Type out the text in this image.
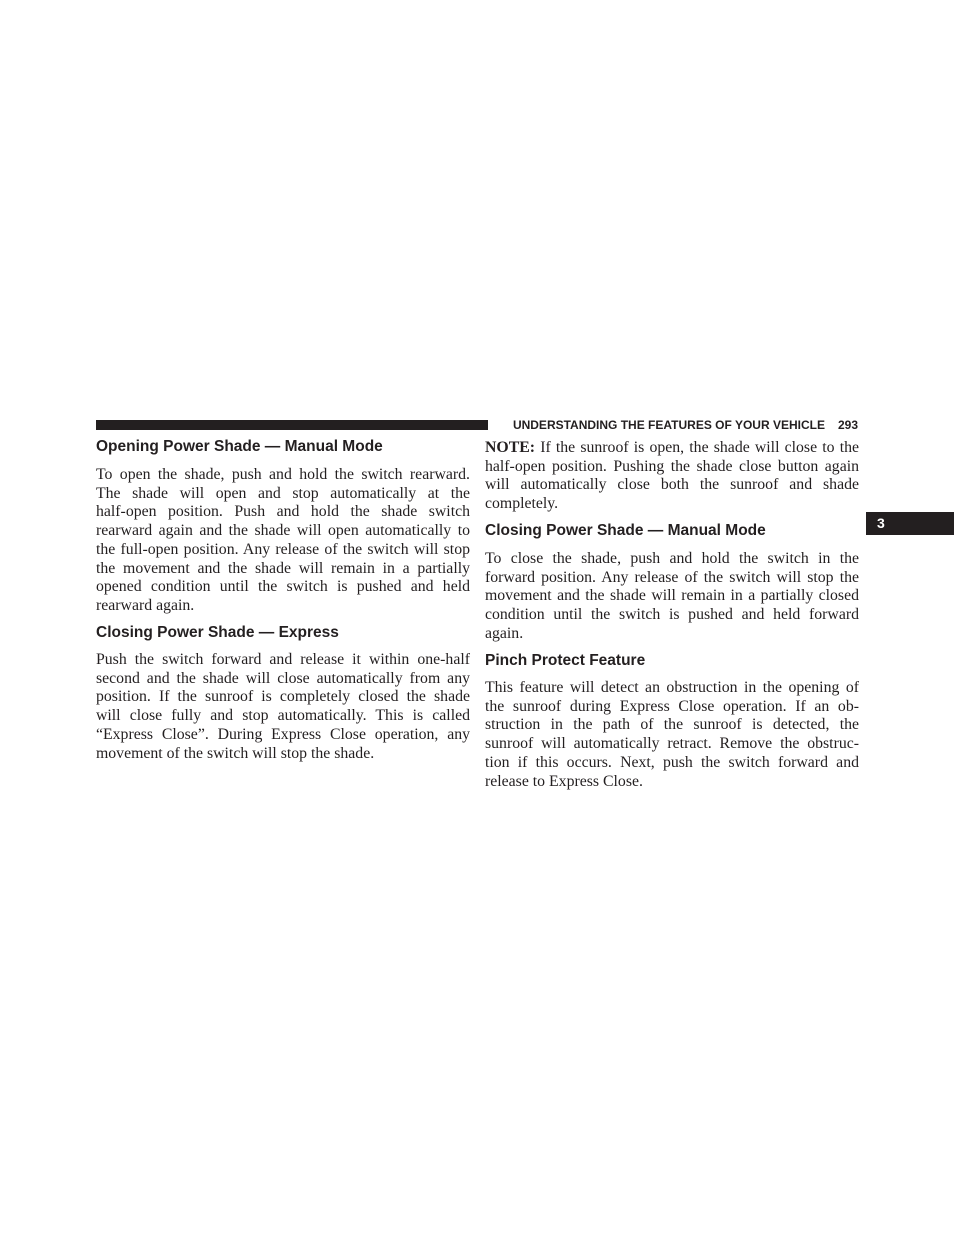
UNDERSTANDING THE FEATURES OF YOUR VEHICLE 293
3
Opening Power Shade — Manual Mode
To open the shade, push and hold the switch rearward.
The shade will open and stop automatically at the
half-open position. Push and hold the shade switch
rearward again and the shade will open automatically to
the full-open position. Any release of the switch will stop
the movement and the shade will remain in a partially
opened condition until the switch is pushed and held
rearward again.
Closing Power Shade — Express
Push the switch forward and release it within one-half
second and the shade will close automatically from any
position. If the sunroof is completely closed the shade
will close fully and stop automatically. This is called
“Express Close”. During Express Close operation, any
movement of the switch will stop the shade.
NOTE: If the sunroof is open, the shade will close to the
half-open position. Pushing the shade close button again
will automatically close both the sunroof and shade
completely.
Closing Power Shade — Manual Mode
To close the shade, push and hold the switch in the
forward position. Any release of the switch will stop the
movement and the shade will remain in a partially closed
condition until the switch is pushed and held forward
again.
Pinch Protect Feature
This feature will detect an obstruction in the opening of
the sunroof during Express Close operation. If an ob-
struction in the path of the sunroof is detected, the
sunroof will automatically retract. Remove the obstruc-
tion if this occurs. Next, push the switch forward and
release to Express Close.
